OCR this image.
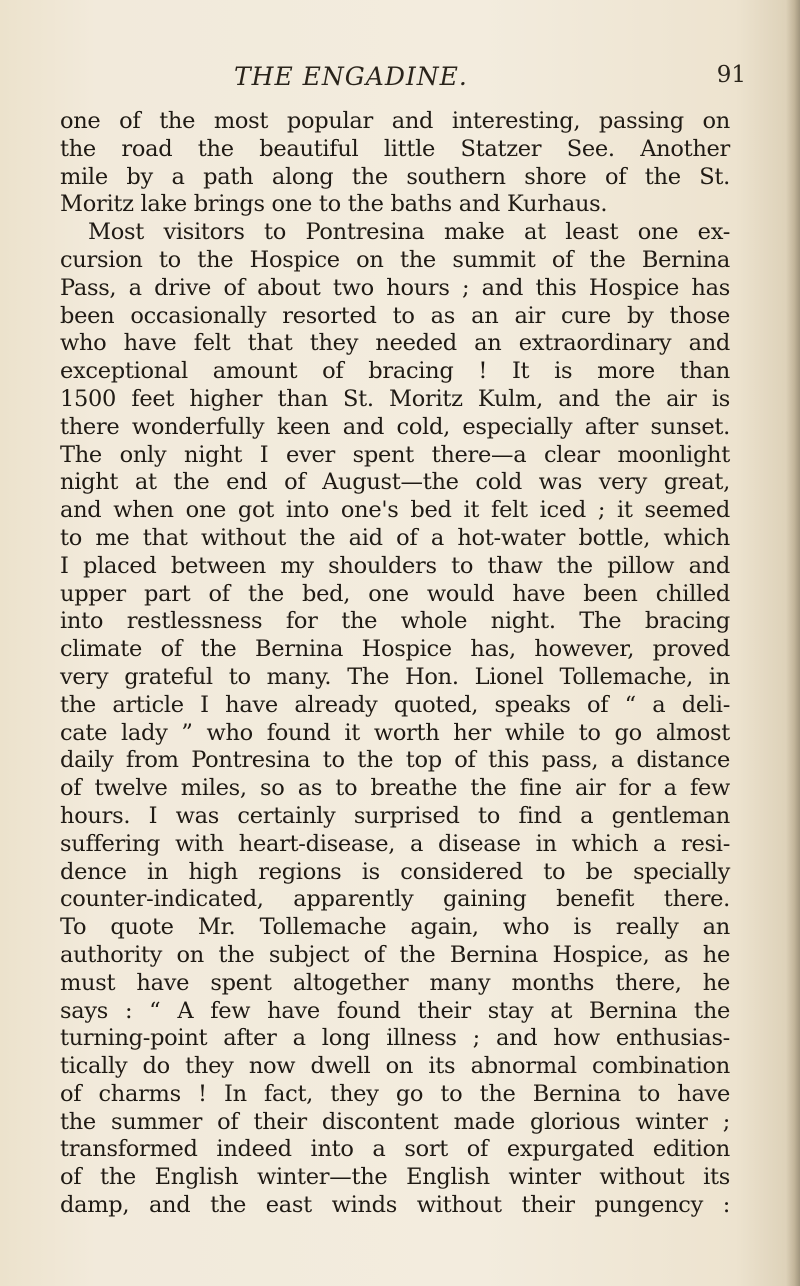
THE ENGADINE.	91
one of the most popular and interesting, passing on
the road the beautiful little Statzer See. Another
mile by a path along the southern shore of the St.
Moritz lake brings one to the baths and Kurhaus.
Most visitors to Pontresina make at least one ex-
cursion to the Hospice on the summit of the Bernina
Pass, a drive of about two hours ; and this Hospice has
been occasionally resorted to as an air cure by those
who have felt that they needed an extraordinary and
exceptional amount of bracing ! It is more than
1500 feet higher than St. Moritz Kulm, and the air is
there wonderfully keen and cold, especially after sunset.
The only night I ever spent there—a clear moonlight
night at the end of August—the cold was very great,
and when one got into one's bed it felt iced ; it seemed
to me that without the aid of a hot-water bottle, which
I placed between my shoulders to thaw the pillow and
upper part of the bed, one would have been chilled
into restlessness for the whole night. The bracing
climate of the Bernina Hospice has, however, proved
very grateful to many. The Hon. Lionel Tollemache, in
the article I have already quoted, speaks of “ a deli-
cate lady ” who found it worth her while to go almost
daily from Pontresina to the top of this pass, a distance
of twelve miles, so as to breathe the fine air for a few
hours. I was certainly surprised to find a gentleman
suffering with heart-disease, a disease in which a resi-
dence in high regions is considered to be specially
counter-indicated, apparently gaining benefit there.
To quote Mr. Tollemache again, who is really an
authority on the subject of the Bernina Hospice, as he
must have spent altogether many months there, he
says : “ A few have found their stay at Bernina the
turning-point after a long illness ; and how enthusias-
tically do they now dwell on its abnormal combination
of charms ! In fact, they go to the Bernina to have
the summer of their discontent made glorious winter ;
transformed indeed into a sort of expurgated edition
of the English winter—the English winter without its
damp, and the east winds without their pungency :
